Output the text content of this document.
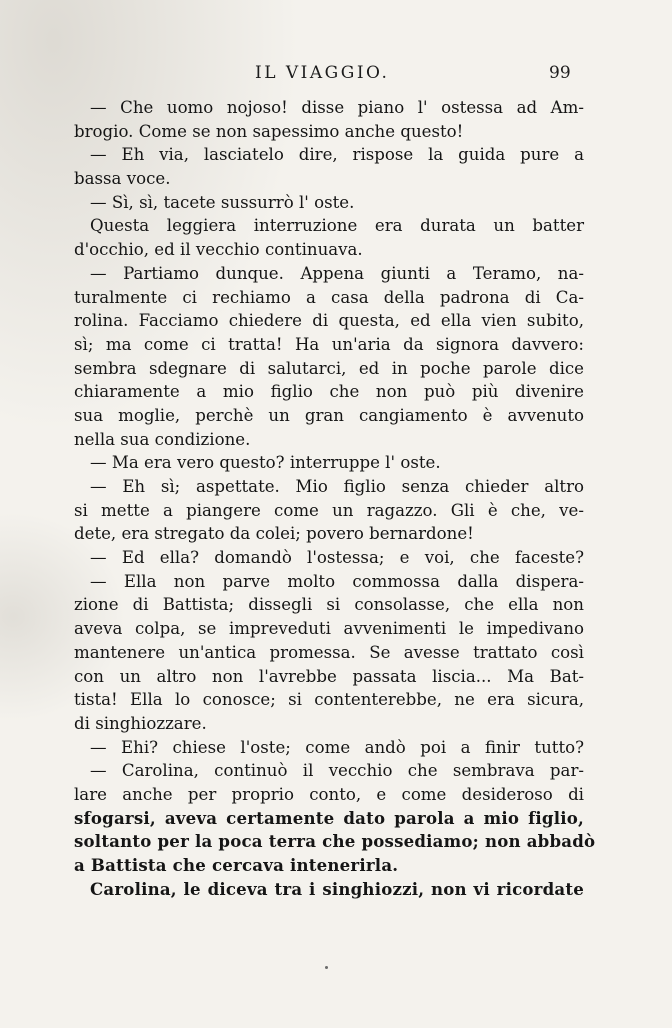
IL VIAGGIO.	99
— Che uomo nojoso! disse piano l' ostessa ad Am-
brogio. Come se non sapessimo anche questo!
— Eh via, lasciatelo dire, rispose la guida pure a
bassa voce.
— Sì, sì, tacete sussurrò l' oste.
Questa leggiera interruzione era durata un batter
d'occhio, ed il vecchio continuava.
— Partiamo dunque. Appena giunti a Teramo, na-
turalmente ci rechiamo a casa della padrona di Ca-
rolina. Facciamo chiedere di questa, ed ella vien subito,
sì; ma come ci tratta! Ha un'aria da signora davvero:
sembra sdegnare di salutarci, ed in poche parole dice
chiaramente a mio figlio che non può più divenire
sua moglie, perchè un gran cangiamento è avvenuto
nella sua condizione.
— Ma era vero questo? interruppe l' oste.
— Eh sì; aspettate. Mio figlio senza chieder altro
si mette a piangere come un ragazzo. Gli è che, ve-
dete, era stregato da colei; povero bernardone!
— Ed ella? domandò l'ostessa; e voi, che faceste?
— Ella non parve molto commossa dalla dispera-
zione di Battista; dissegli si consolasse, che ella non
aveva colpa, se impreveduti avvenimenti le impedivano
mantenere un'antica promessa. Se avesse trattato così
con un altro non l'avrebbe passata liscia... Ma Bat-
tista! Ella lo conosce; si contenterebbe, ne era sicura,
di singhiozzare.
— Ehi? chiese l'oste; come andò poi a finir tutto?
— Carolina, continuò il vecchio che sembrava par-
lare anche per proprio conto, e come desideroso di
sfogarsi, aveva certamente dato parola a mio figlio,
soltanto per la poca terra che possediamo; non abbadò
a Battista che cercava intenerirla.
Carolina, le diceva tra i singhiozzi, non vi ricordate
